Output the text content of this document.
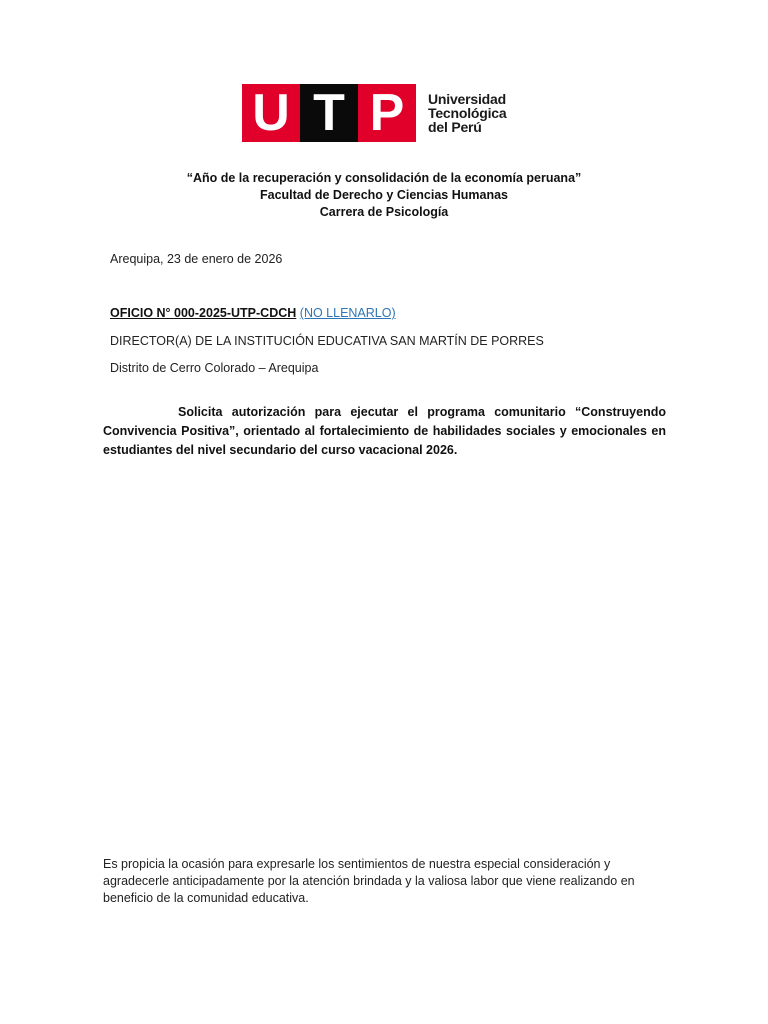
U T P	Universidad
Tecnológica
del Perú
“Año de la recuperación y consolidación de la economía peruana”
Facultad de Derecho y Ciencias Humanas
Carrera de Psicología
Arequipa, 23 de enero de 2026
OFICIO N° 000-2025-UTP-CDCH (NO LLENARLO)
DIRECTOR(A) DE LA INSTITUCIÓN EDUCATIVA SAN MARTÍN DE PORRES
Distrito de Cerro Colorado – Arequipa
Solicita autorización para ejecutar el programa comunitario “Construyendo Convivencia Positiva”, orientado al fortalecimiento de habilidades sociales y emocionales en estudiantes del nivel secundario del curso vacacional 2026.
Es propicia la ocasión para expresarle los sentimientos de nuestra especial consideración y agradecerle anticipadamente por la atención brindada y la valiosa labor que viene realizando en beneficio de la comunidad educativa.
